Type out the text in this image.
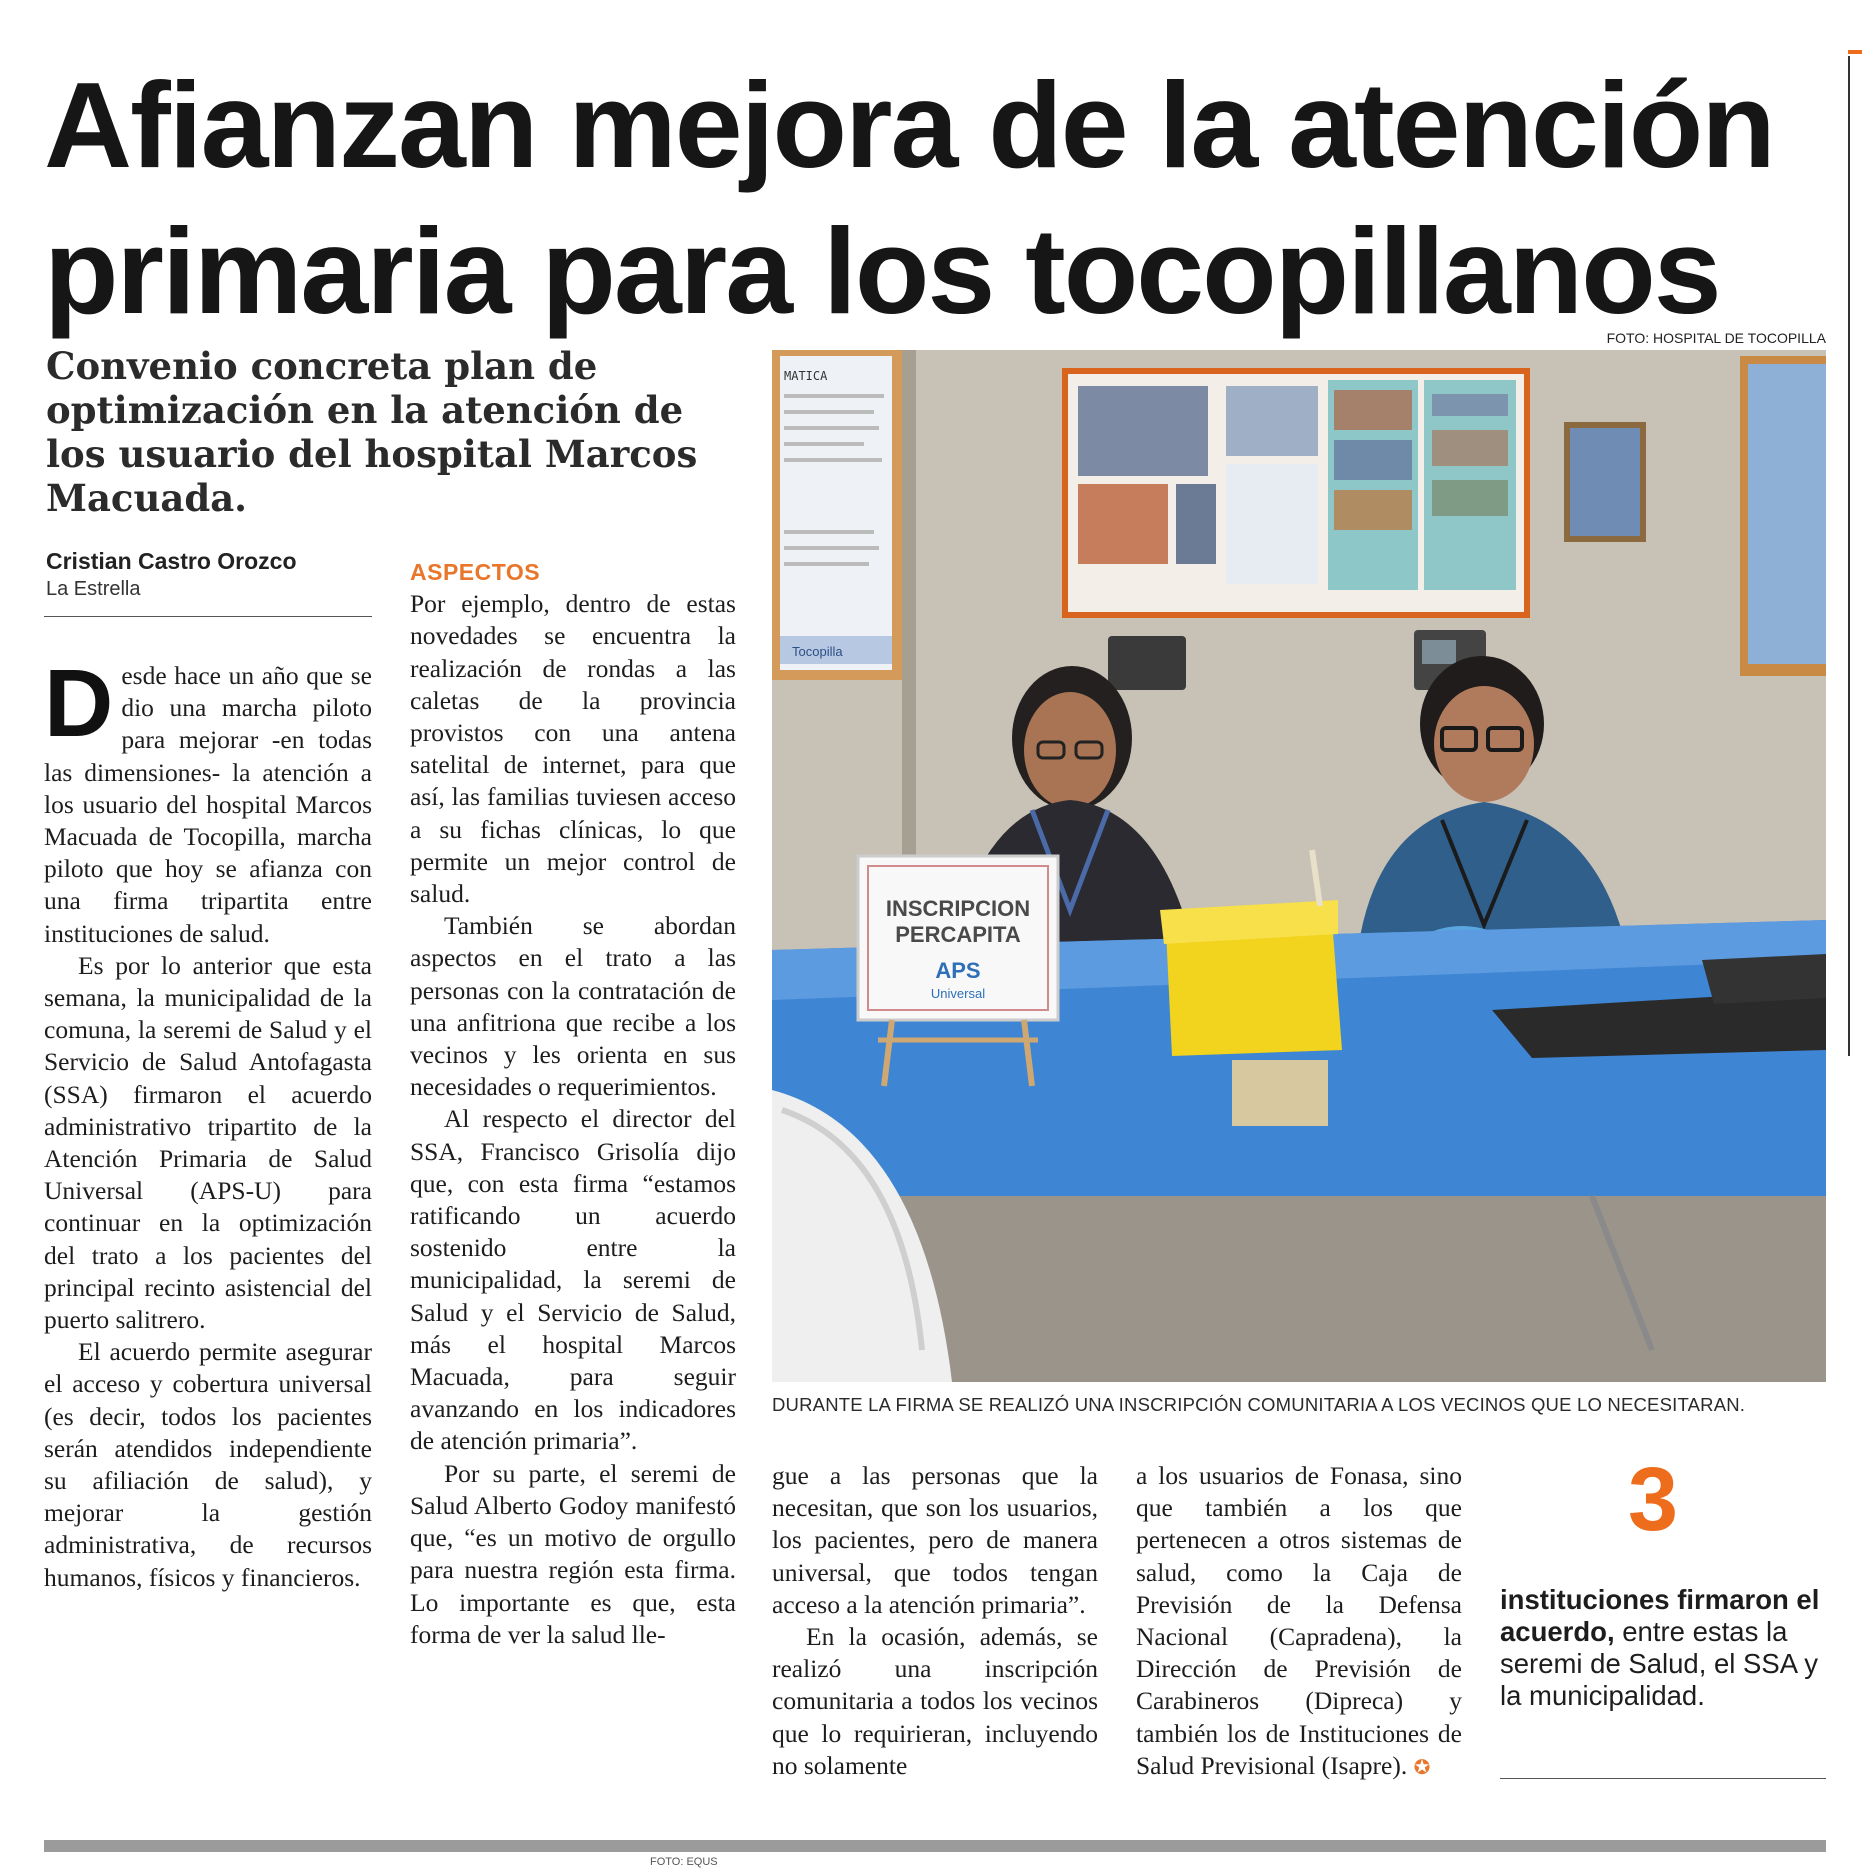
Afianzan mejora de la atención primaria para los tocopillanos
Convenio concreta plan de optimización en la atención de los usuario del hospital Marcos Macuada.
Cristian Castro Orozco
La Estrella

Desde hace un año que se dio una marcha piloto para mejorar -en todas las dimensiones- la atención a los usuario del hospital Marcos Macuada de Tocopilla, marcha piloto que hoy se afianza con una firma tripartita entre instituciones de salud.

Es por lo anterior que esta semana, la municipalidad de la comuna, la seremi de Salud y el Servicio de Salud Antofagasta (SSA) firmaron el acuerdo administrativo tripartito de la Atención Primaria de Salud Universal (APS-U) para continuar en la optimización del trato a los pacientes del principal recinto asistencial del puerto salitrero.

El acuerdo permite asegurar el acceso y cobertura universal (es decir, todos los pacientes serán atendidos independiente su afiliación de salud), y mejorar la gestión administrativa, de recursos humanos, físicos y financieros.

ASPECTOS

Por ejemplo, dentro de estas novedades se encuentra la realización de rondas a las caletas de la provincia provistos con una antena satelital de internet, para que así, las familias tuviesen acceso a su fichas clínicas, lo que permite un mejor control de salud.

También se abordan aspectos en el trato a las personas con la contratación de una anfitriona que recibe a los vecinos y les orienta en sus necesidades o requerimientos.

Al respecto el director del SSA, Francisco Grisolía dijo que, con esta firma “estamos ratificando un acuerdo sostenido entre la municipalidad, la seremi de Salud y el Servicio de Salud, más el hospital Marcos Macuada, para seguir avanzando en los indicadores de atención primaria”.

Por su parte, el seremi de Salud Alberto Godoy manifestó que, “es un motivo de orgullo para nuestra región esta firma. Lo importante es que, esta forma de ver la salud lle-

FOTO: HOSPITAL DE TOCOPILLA
MATICA
Tocopilla
INSCRIPCION
PERCAPITA
APS
Universal
DURANTE LA FIRMA SE REALIZÓ UNA INSCRIPCIÓN COMUNITARIA A LOS VECINOS QUE LO NECESITARAN.

gue a las personas que la necesitan, que son los usuarios, los pacientes, pero de manera universal, que todos tengan acceso a la atención primaria”.

En la ocasión, además, se realizó una inscripción comunitaria a todos los vecinos que lo requirieran, incluyendo no solamente

a los usuarios de Fonasa, sino que también a los que pertenecen a otros sistemas de salud, como la Caja de Previsión de la Defensa Nacional (Capradena), la Dirección de Previsión de Carabineros (Dipreca) y también los de Instituciones de Salud Previsional (Isapre). ✪

3
instituciones firmaron el acuerdo, entre estas la seremi de Salud, el SSA y la municipalidad.
FOTO: EQUS
